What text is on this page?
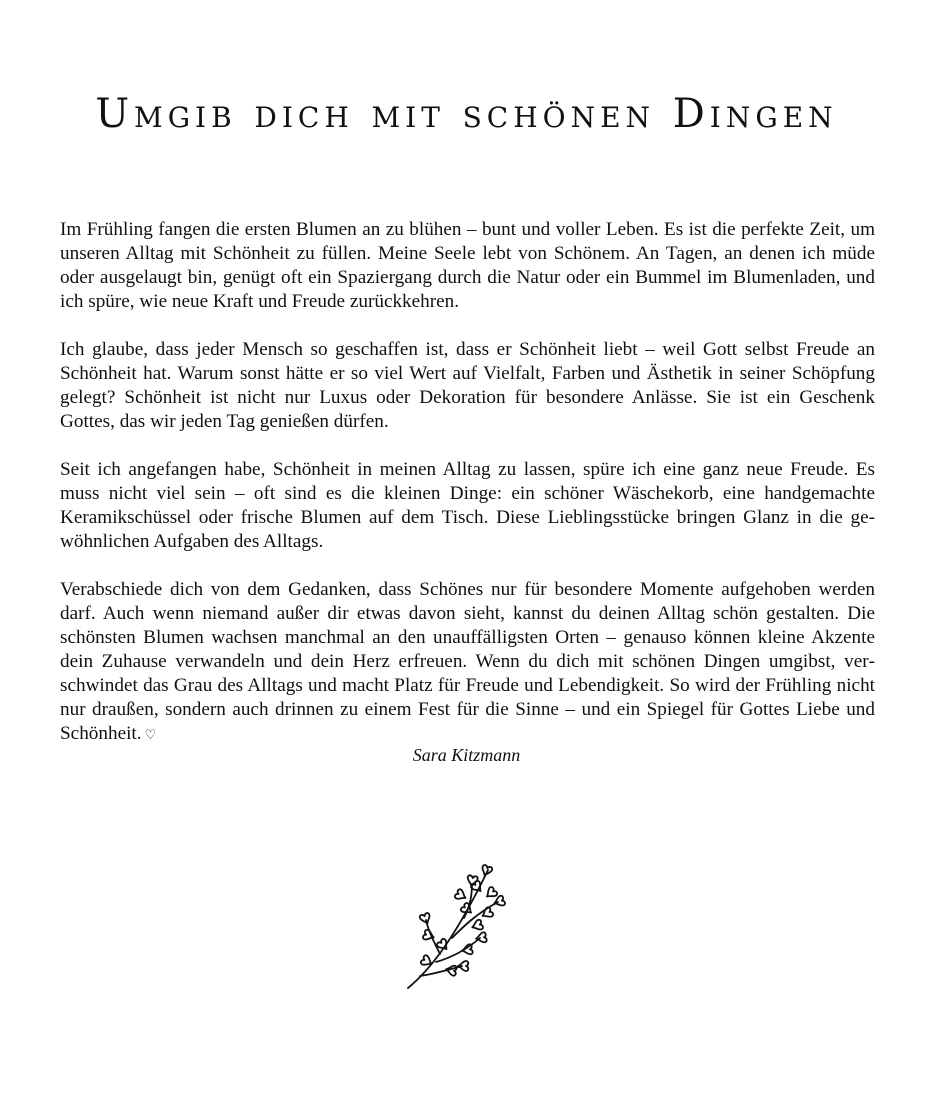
Umgib dich mit schönen Dingen

Im Frühling fangen die ersten Blumen an zu blühen – bunt und voller Leben. Es ist die perfekte Zeit, um unseren Alltag mit Schönheit zu füllen. Meine Seele lebt von Schönem. An Tagen, an denen ich müde oder ausgelaugt bin, genügt oft ein Spaziergang durch die Natur oder ein Bummel im Blumenladen, und ich spüre, wie neue Kraft und Freude zurückkehren.

Ich glaube, dass jeder Mensch so geschaffen ist, dass er Schönheit liebt – weil Gott selbst Freude an Schönheit hat. Warum sonst hätte er so viel Wert auf Vielfalt, Farben und Ästhetik in seiner Schöpfung gelegt? Schönheit ist nicht nur Luxus oder Dekoration für besondere Anlässe. Sie ist ein Geschenk Gottes, das wir jeden Tag genießen dürfen.

Seit ich angefangen habe, Schönheit in meinen Alltag zu lassen, spüre ich eine ganz neue Freude. Es muss nicht viel sein – oft sind es die kleinen Dinge: ein schöner Wäschekorb, eine handgemachte Keramikschüssel oder frische Blumen auf dem Tisch. Diese Lieblingsstücke bringen Glanz in die gewöhnlichen Aufgaben des Alltags.

Verabschiede dich von dem Gedanken, dass Schönes nur für besondere Momente aufgehoben werden darf. Auch wenn niemand außer dir etwas davon sieht, kannst du deinen Alltag schön gestalten. Die schönsten Blumen wachsen manchmal an den unauffälligsten Orten – genauso können kleine Akzente dein Zuhause verwandeln und dein Herz erfreuen. Wenn du dich mit schönen Dingen umgibst, verschwindet das Grau des Alltags und macht Platz für Freude und Lebendigkeit. So wird der Frühling nicht nur draußen, sondern auch drinnen zu einem Fest für die Sinne – und ein Spiegel für Gottes Liebe und Schönheit. ♡

Sara Kitzmann
